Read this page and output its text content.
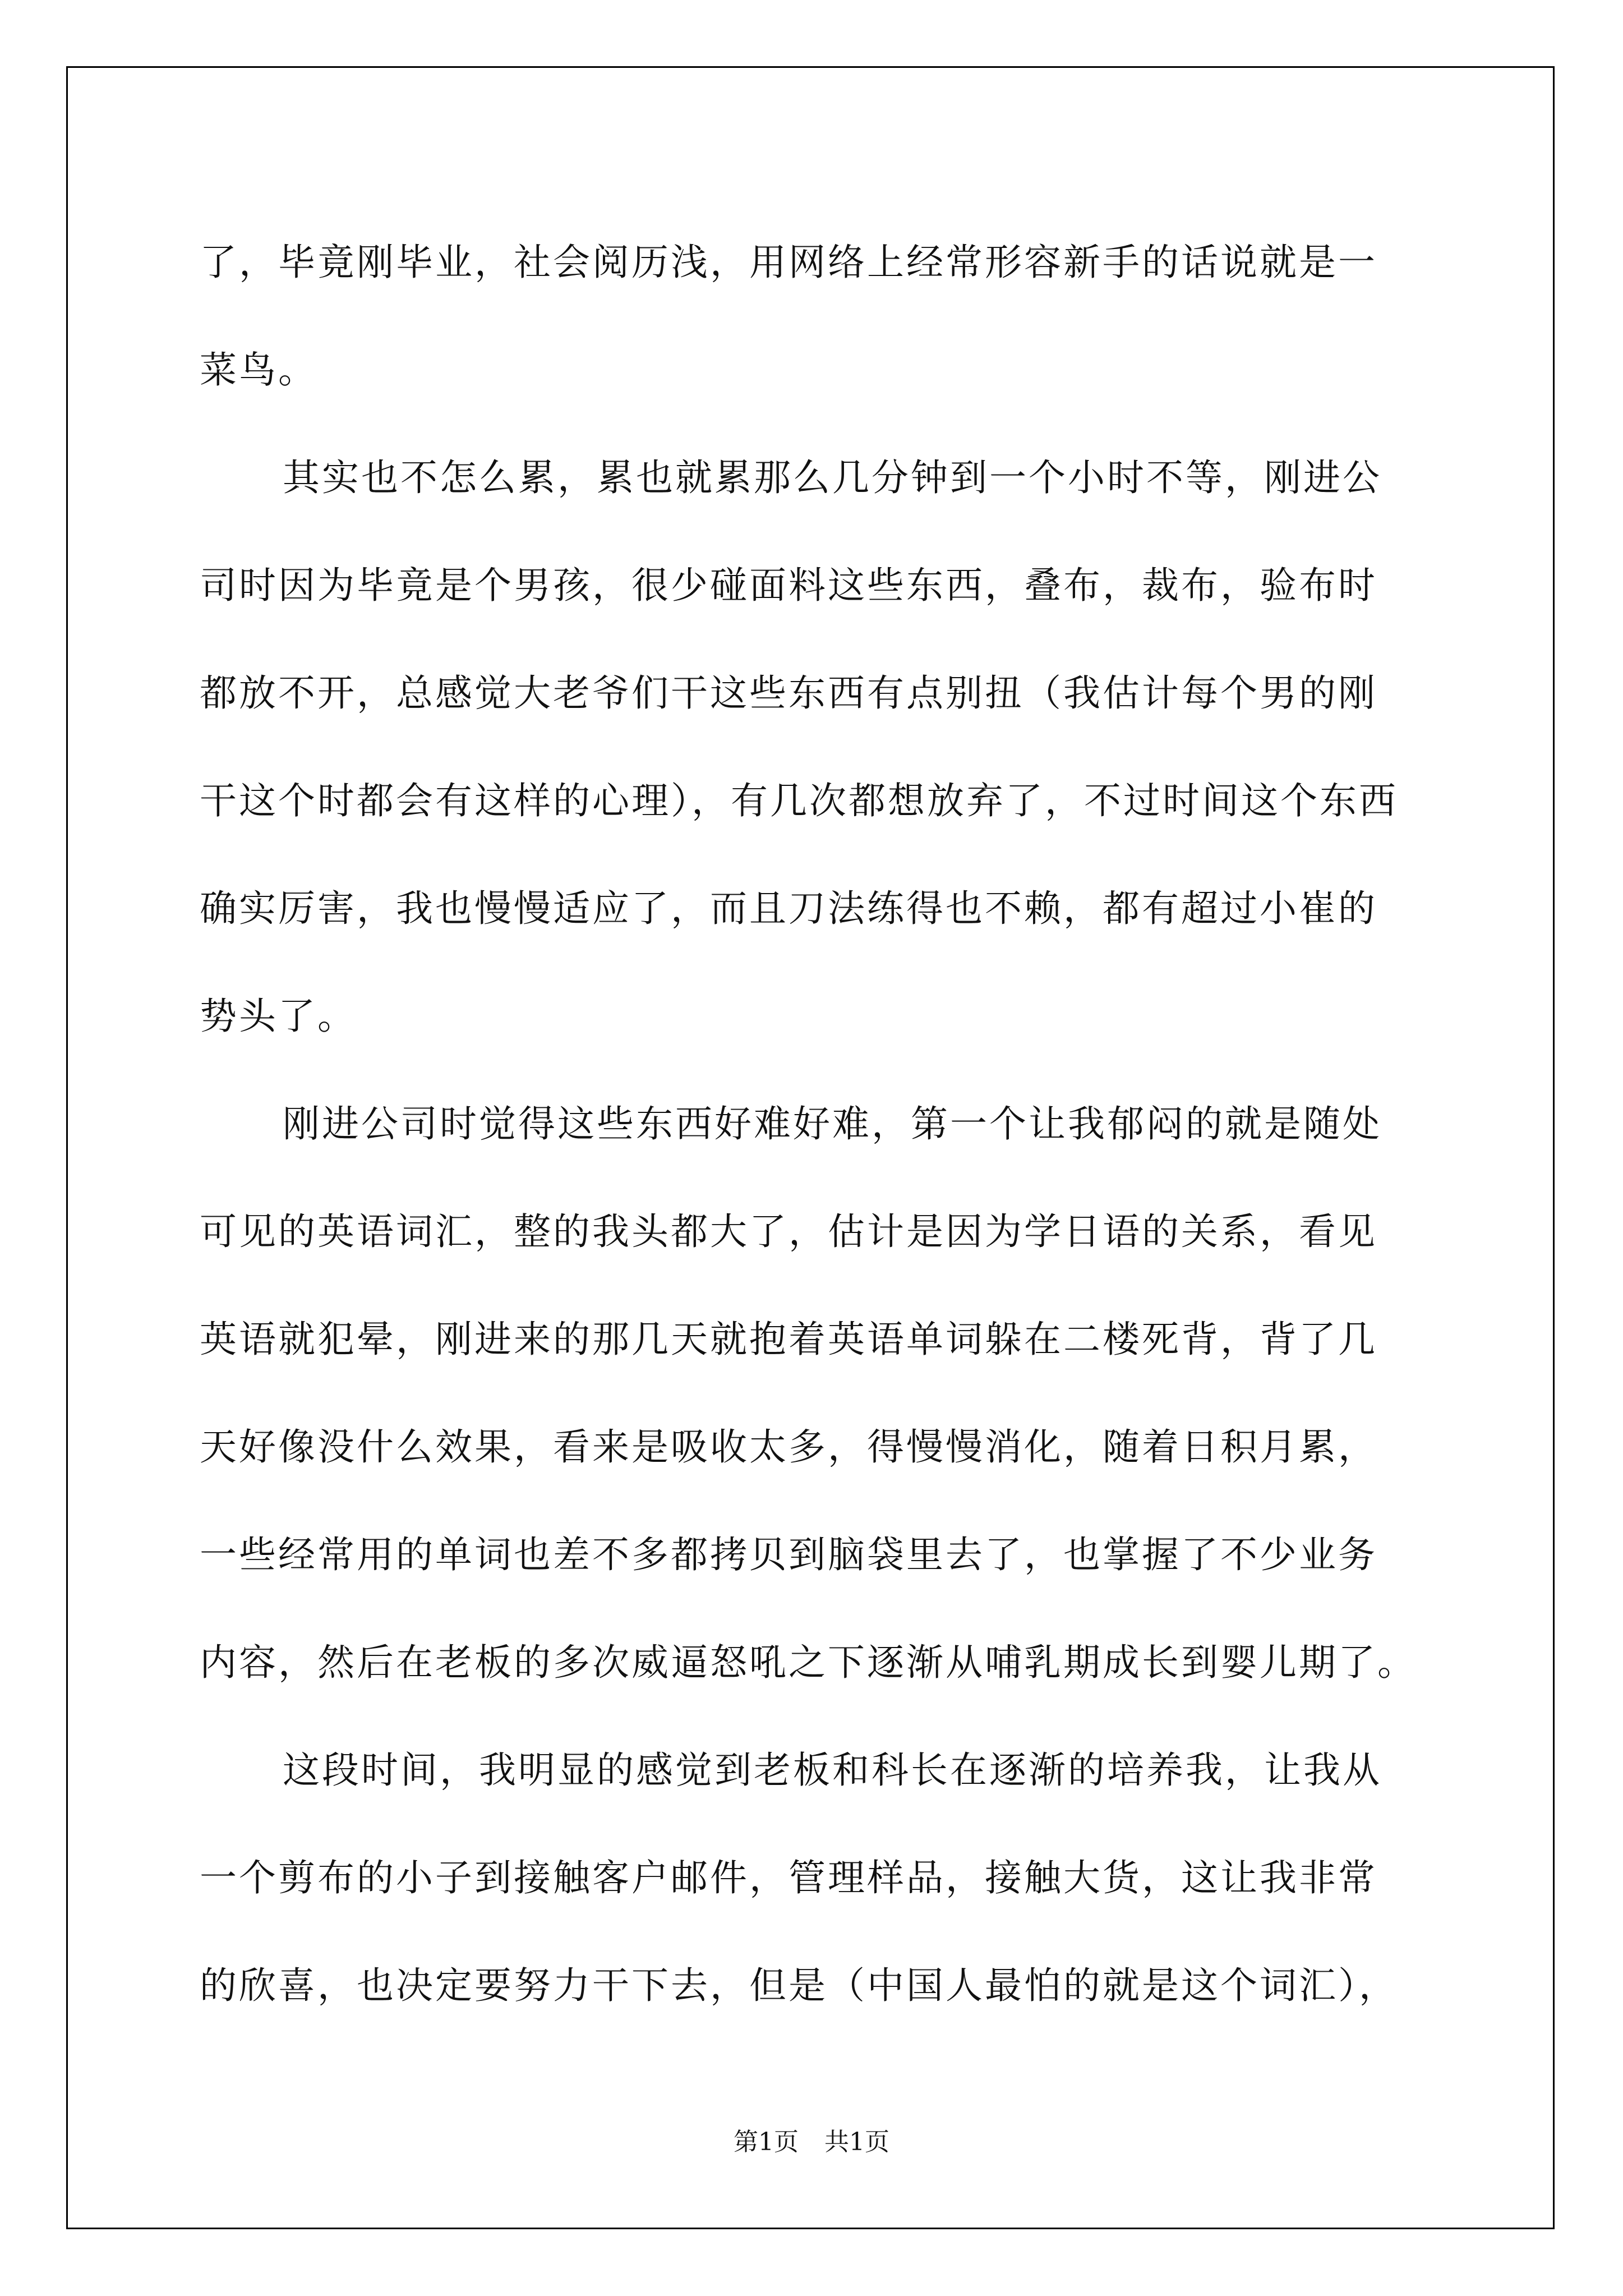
了，毕竟刚毕业，社会阅历浅，用网络上经常形容新手的话说就是一
菜鸟。
其实也不怎么累，累也就累那么几分钟到一个小时不等，刚进公
司时因为毕竟是个男孩，很少碰面料这些东西，叠布，裁布，验布时
都放不开，总感觉大老爷们干这些东西有点别扭（我估计每个男的刚
干这个时都会有这样的心理），有几次都想放弃了，不过时间这个东西
确实厉害，我也慢慢适应了，而且刀法练得也不赖，都有超过小崔的
势头了。
刚进公司时觉得这些东西好难好难，第一个让我郁闷的就是随处
可见的英语词汇，整的我头都大了，估计是因为学日语的关系，看见
英语就犯晕，刚进来的那几天就抱着英语单词躲在二楼死背，背了几
天好像没什么效果，看来是吸收太多，得慢慢消化，随着日积月累，
一些经常用的单词也差不多都拷贝到脑袋里去了，也掌握了不少业务
内容，然后在老板的多次威逼怒吼之下逐渐从哺乳期成长到婴儿期了。
这段时间，我明显的感觉到老板和科长在逐渐的培养我，让我从
一个剪布的小子到接触客户邮件，管理样品，接触大货，这让我非常
的欣喜，也决定要努力干下去，但是（中国人最怕的就是这个词汇），
第1页 共1页
